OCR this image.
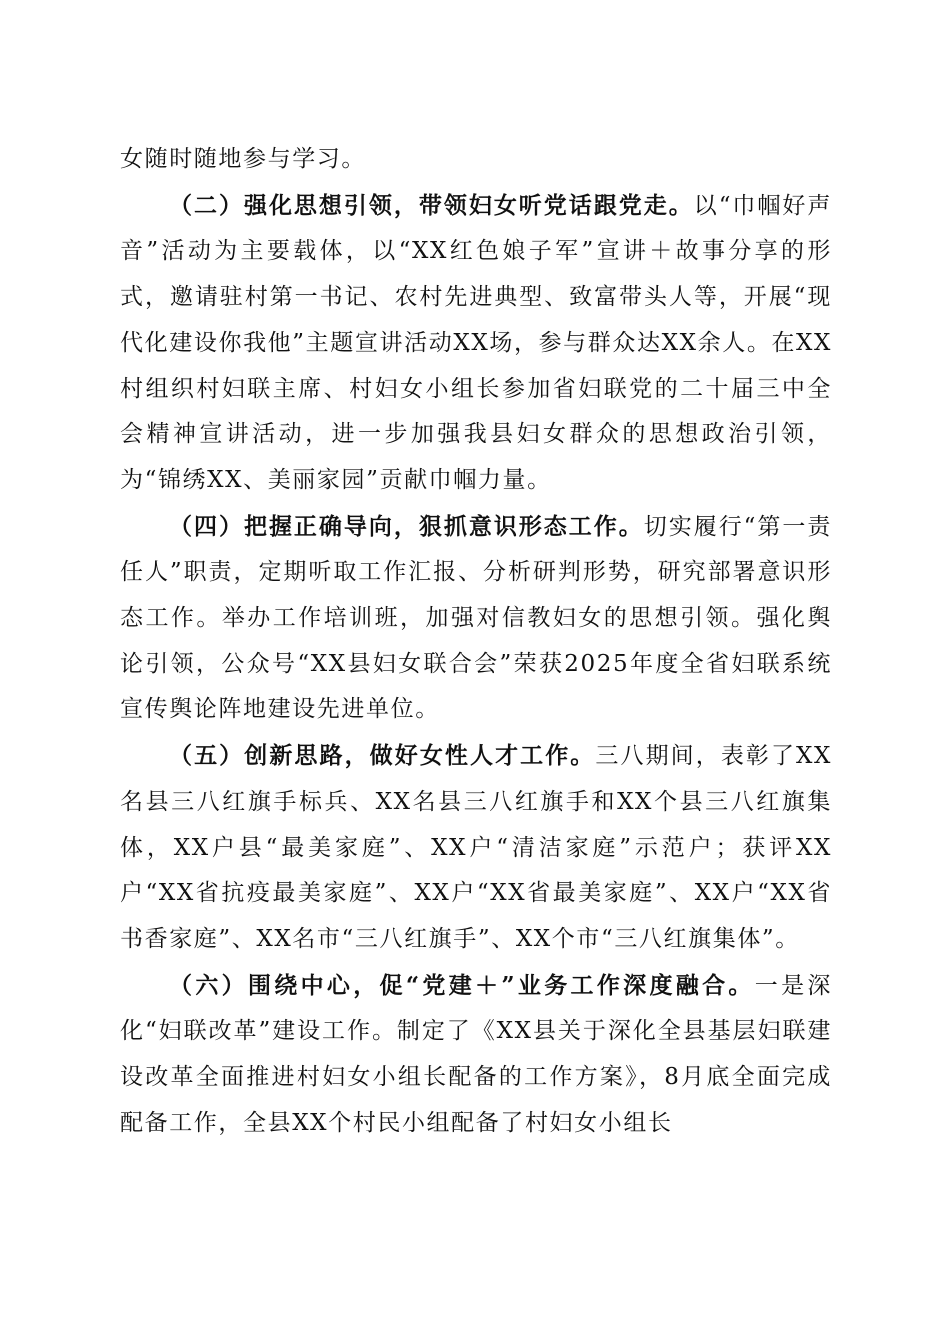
女随时随地参与学习。

（二）强化思想引领，带领妇女听党话跟党走。以“巾帼好声音”活动为主要载体，以“XX红色娘子军”宣讲＋故事分享的形式，邀请驻村第一书记、农村先进典型、致富带头人等，开展“现代化建设你我他”主题宣讲活动XX场，参与群众达XX余人。在XX村组织村妇联主席、村妇女小组长参加省妇联党的二十届三中全会精神宣讲活动，进一步加强我县妇女群众的思想政治引领，为“锦绣XX、美丽家园”贡献巾帼力量。

（四）把握正确导向，狠抓意识形态工作。切实履行“第一责任人”职责，定期听取工作汇报、分析研判形势，研究部署意识形态工作。举办工作培训班，加强对信教妇女的思想引领。强化舆论引领，公众号“XX县妇女联合会”荣获2025年度全省妇联系统宣传舆论阵地建设先进单位。

（五）创新思路，做好女性人才工作。三八期间，表彰了XX名县三八红旗手标兵、XX名县三八红旗手和XX个县三八红旗集体，XX户县“最美家庭”、XX户“清洁家庭”示范户；获评XX户“XX省抗疫最美家庭”、XX户“XX省最美家庭”、XX户“XX省书香家庭”、XX名市“三八红旗手”、XX个市“三八红旗集体”。

（六）围绕中心，促“党建＋”业务工作深度融合。一是深化“妇联改革”建设工作。制定了《XX县关于深化全县基层妇联建设改革全面推进村妇女小组长配备的工作方案》，8月底全面完成配备工作，全县XX个村民小组配备了村妇女小组长
